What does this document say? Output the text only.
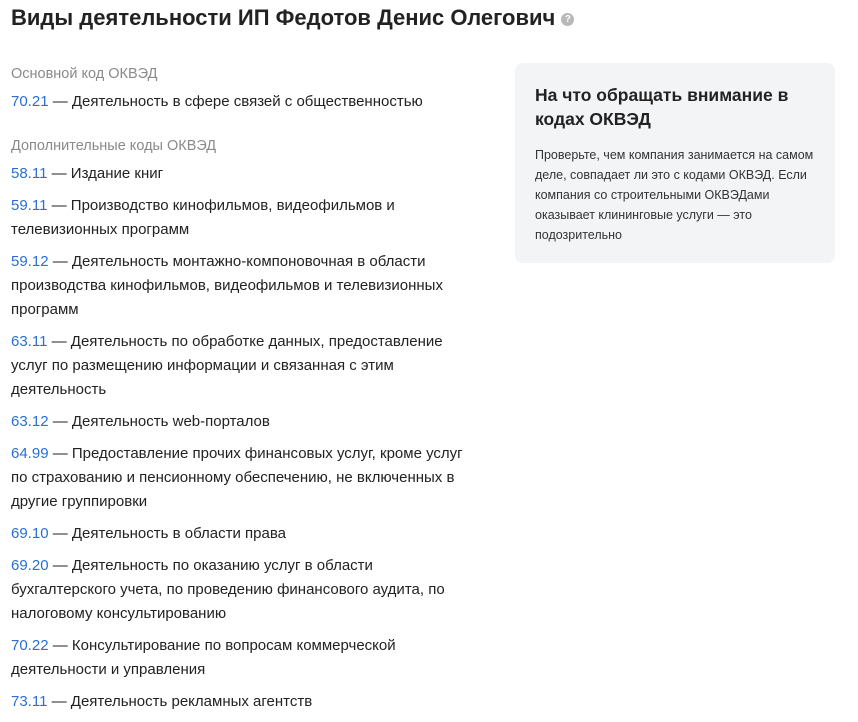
Виды деятельности ИП Федотов Денис Олегович ?

Основной код ОКВЭД

70.21 — Деятельность в сфере связей с общественностью

Дополнительные коды ОКВЭД

58.11 — Издание книг

59.11 — Производство кинофильмов, видеофильмов и телевизионных программ

59.12 — Деятельность монтажно-компоновочная в области производства кинофильмов, видеофильмов и телевизионных программ

63.11 — Деятельность по обработке данных, предоставление услуг по размещению информации и связанная с этим деятельность

63.12 — Деятельность web-порталов

64.99 — Предоставление прочих финансовых услуг, кроме услуг по страхованию и пенсионному обеспечению, не включенных в другие группировки

69.10 — Деятельность в области права

69.20 — Деятельность по оказанию услуг в области бухгалтерского учета, по проведению финансового аудита, по налоговому консультированию

70.22 — Консультирование по вопросам коммерческой деятельности и управления

73.11 — Деятельность рекламных агентств

На что обращать внимание в кодах ОКВЭД

Проверьте, чем компания занимается на самом деле, совпадает ли это с кодами ОКВЭД. Если компания со строительными ОКВЭДами оказывает клининговые услуги — это подозрительно
